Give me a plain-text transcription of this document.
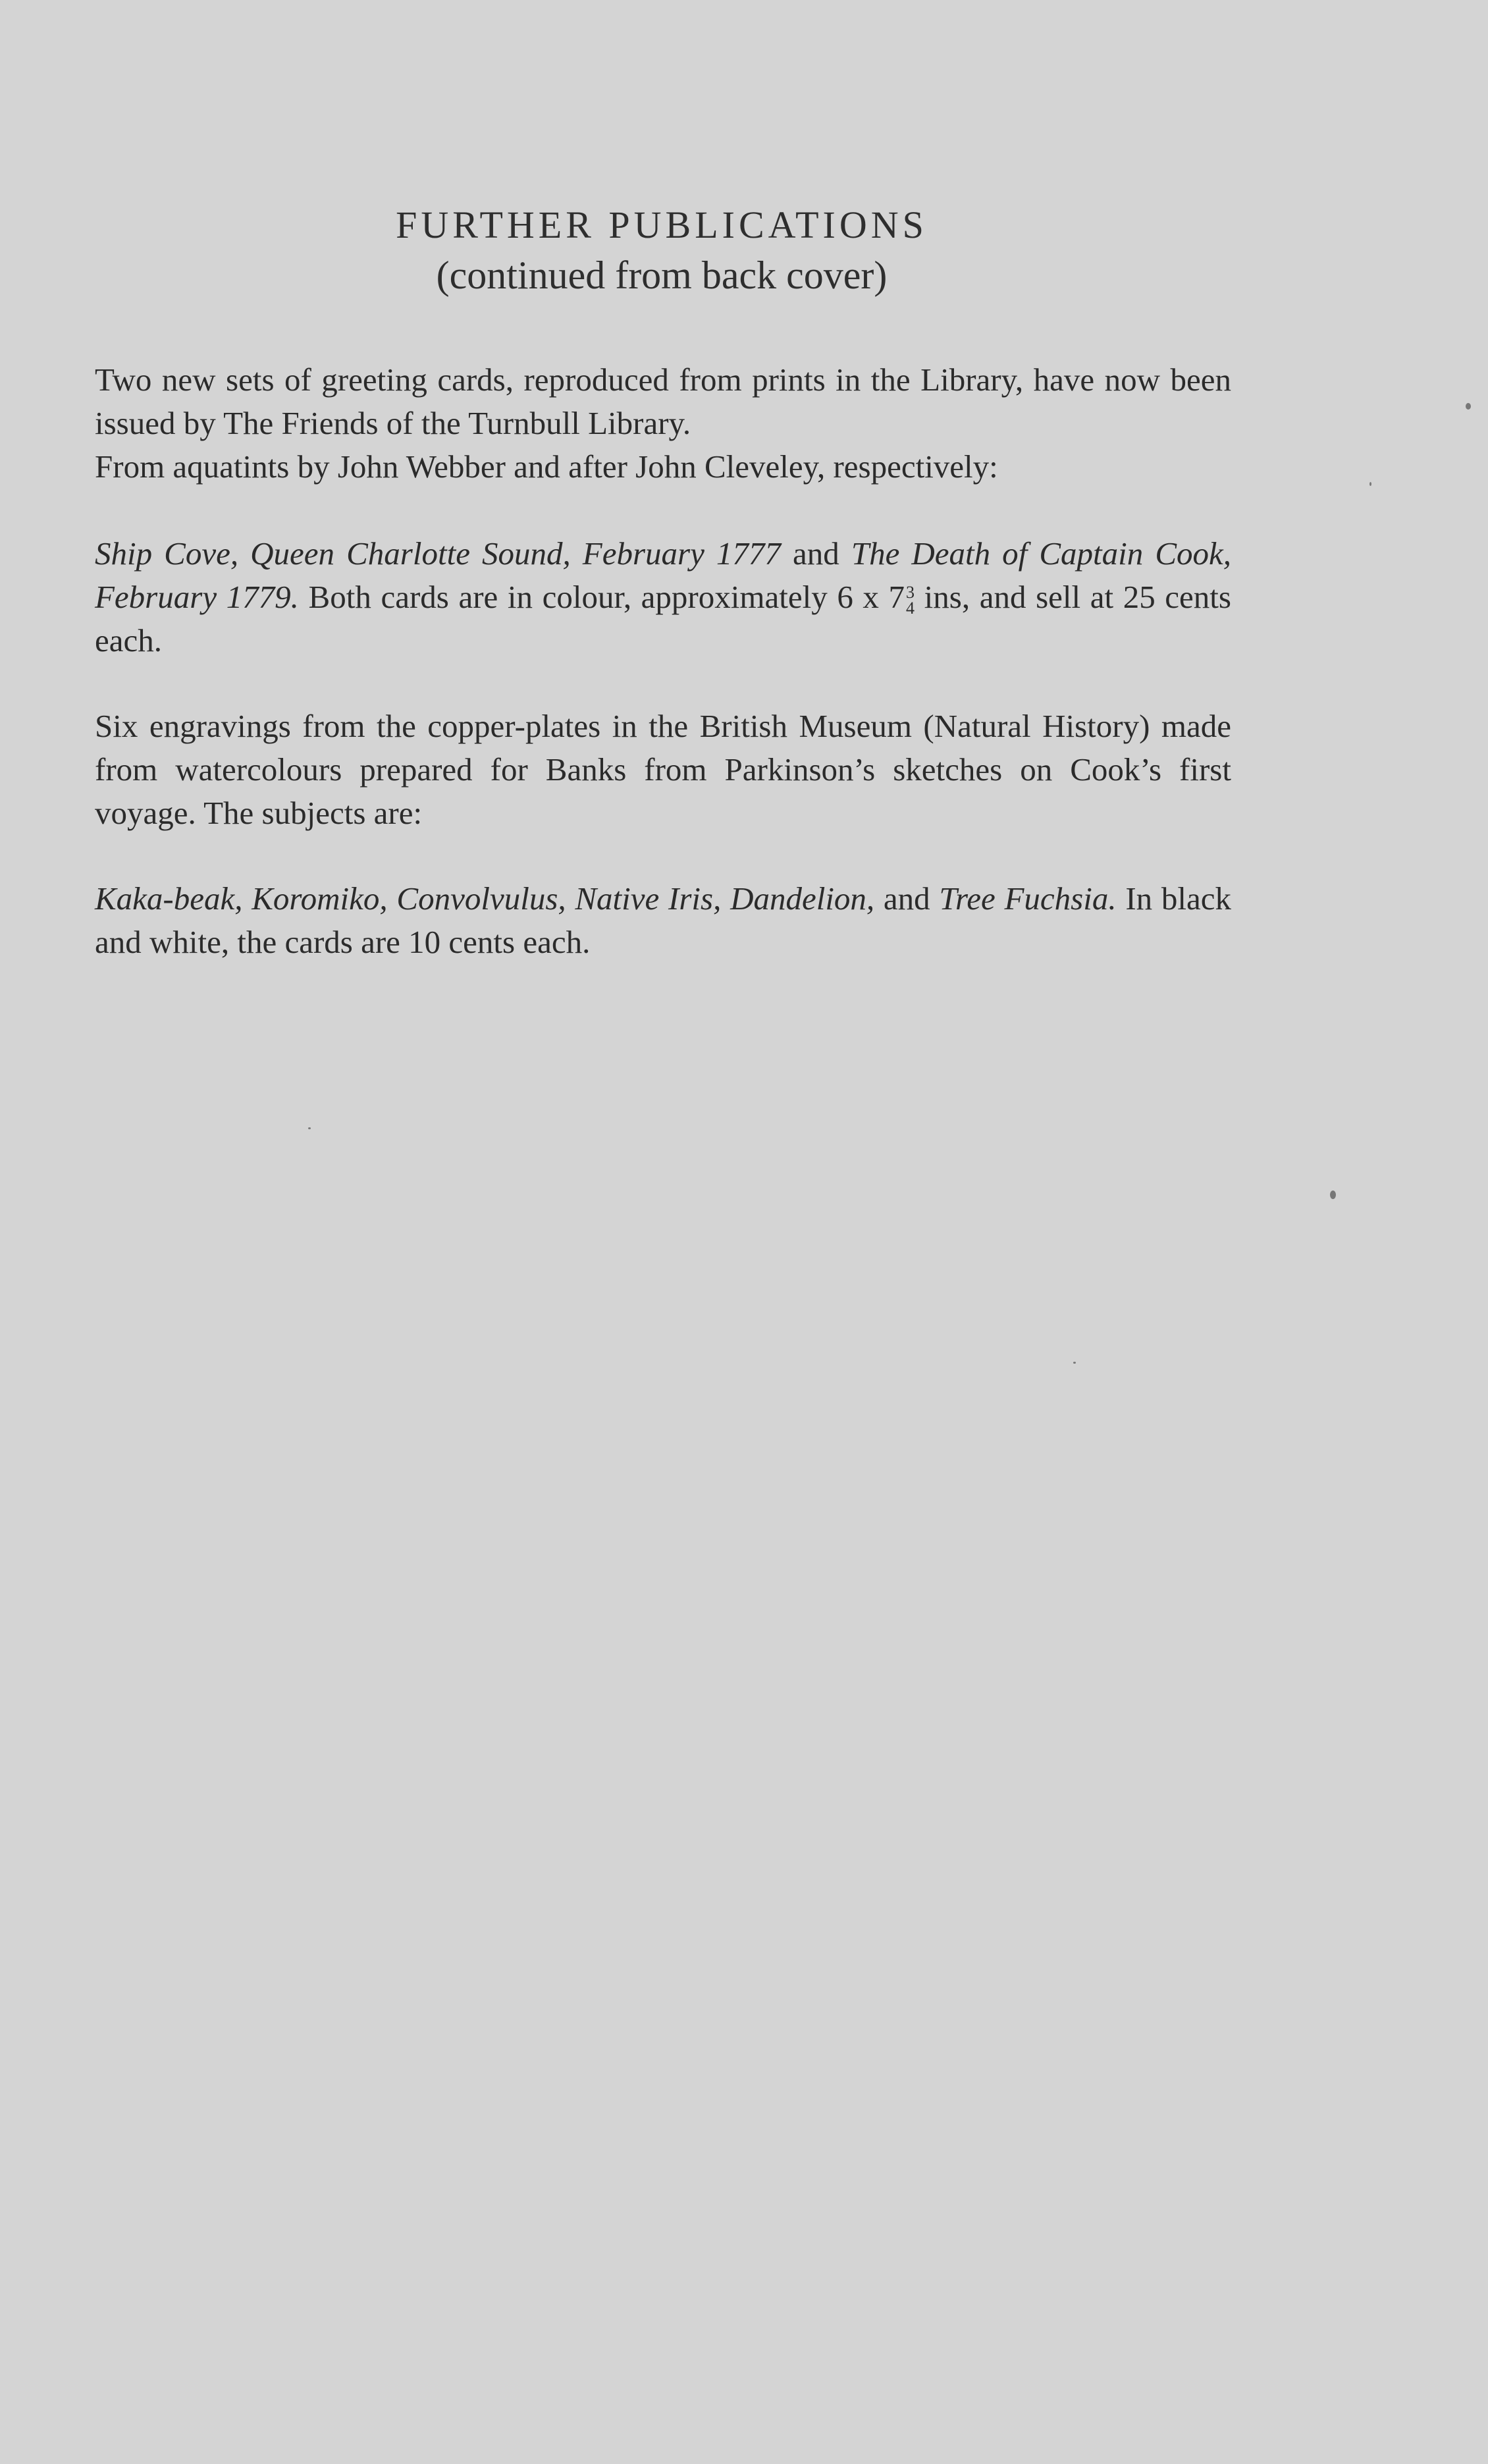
FURTHER PUBLICATIONS
(continued from back cover)

Two new sets of greeting cards, reproduced from prints in the Library, have now been issued by The Friends of the Turnbull Library.

From aquatints by John Webber and after John Cleveley, respectively:

Ship Cove, Queen Charlotte Sound, February 1777 and The Death of Captain Cook, February 1779. Both cards are in colour, approximately 6 x 7 3
4 ins, and sell at 25 cents each.

Six engravings from the copper-plates in the British Museum (Natural History) made from watercolours prepared for Banks from Parkinson’s sketches on Cook’s first voyage. The subjects are:

Kaka-beak, Koromiko, Convolvulus, Native Iris, Dandelion, and Tree Fuchsia. In black and white, the cards are 10 cents each.
